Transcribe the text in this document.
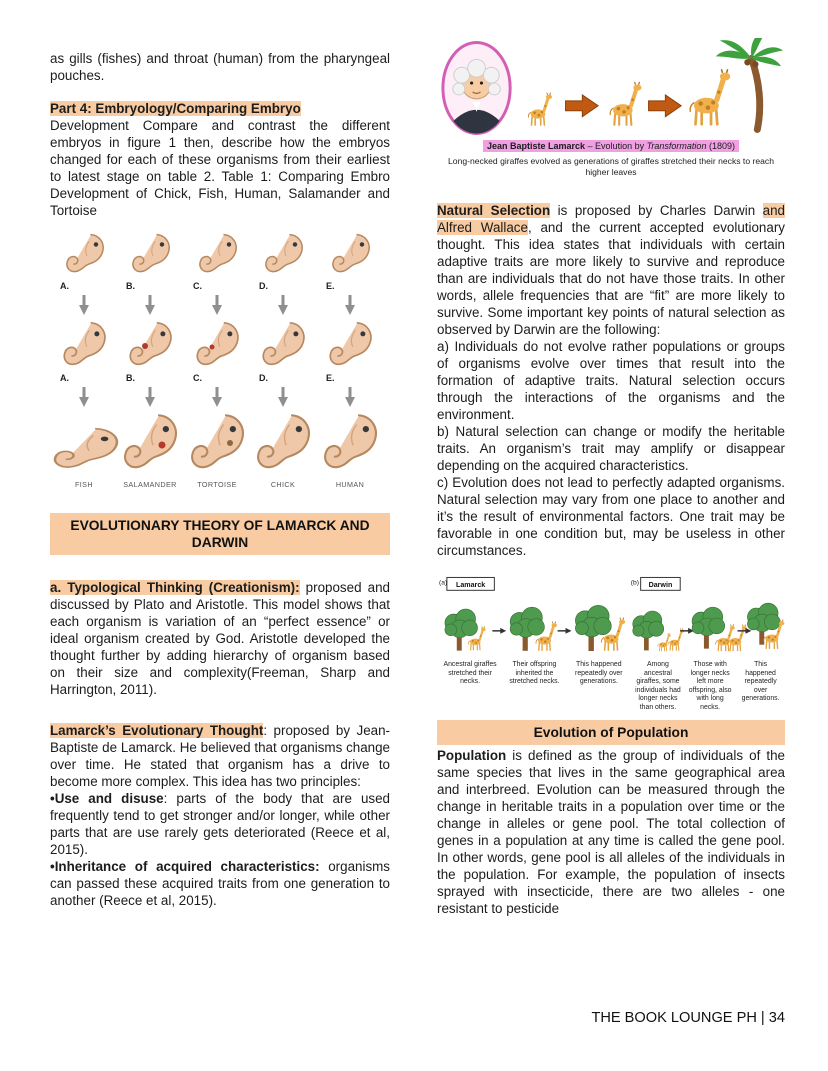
as gills (fishes) and throat (human) from the pharyngeal pouches.

Part 4: Embryology/Comparing Embryo

Development Compare and contrast the different embryos in figure 1 then, describe how the embryos changed for each of these organisms from their earliest to latest stage on table 2. Table 1: Comparing Embro Development of Chick, Fish, Human, Salamander and Tortoise

A.	B.	C.	D.	E.
A.	B.	C.	D.	E.
FISH	SALAMANDER	TORTOISE	CHICK	HUMAN
EVOLUTIONARY THEORY OF LAMARCK AND DARWIN

a. Typological Thinking (Creationism): proposed and discussed by Plato and Aristotle. This model shows that each organism is variation of an “perfect essence” or ideal organism created by God. Aristotle developed the thought further by adding hierarchy of organism based on their size and complexity(Freeman, Sharp and Harrington, 2011).

Lamarck’s Evolutionary Thought: proposed by Jean-Baptiste de Lamarck. He believed that organisms change over time. He stated that organism has a drive to become more complex. This idea has two principles:

•Use and disuse: parts of the body that are used frequently tend to get stronger and/or longer, while other parts that are use rarely gets deteriorated (Reece et al, 2015).

•Inheritance of acquired characteristics: organisms can passed these acquired traits from one generation to another (Reece et al, 2015).

Jean Baptiste Lamarck – Evolution by Transformation (1809)
Long-necked giraffes evolved as generations of giraffes stretched their necks to reach higher leaves

Natural Selection is proposed by Charles Darwin and Alfred Wallace, and the current accepted evolutionary thought. This idea states that individuals with certain adaptive traits are more likely to survive and reproduce than are individuals that do not have those traits. In other words, allele frequencies that are “fit” are more likely to survive. Some important key points of natural selection as observed by Darwin are the following:

a) Individuals do not evolve rather populations or groups of organisms evolve over times that result into the formation of adaptive traits. Natural selection occurs through the interactions of the organisms and the environment.

b) Natural selection can change or modify the heritable traits. An organism’s trait may amplify or disappear depending on the acquired characteristics.

c) Evolution does not lead to perfectly adapted organisms. Natural selection may vary from one place to another and it’s the result of environmental factors. One trait may be favorable in one condition but, may be useless in other circumstances.

(a) Lamarck	(b) Darwin
Ancestral giraffes stretched their necks.
Their offspring inherited the stretched necks.
This happened repeatedly over generations.
Among ancestral giraffes, some individuals had longer necks than others.
Those with longer necks left more offspring, also with long necks.
This happened repeatedly over generations.
Evolution of Population

Population is defined as the group of individuals of the same species that lives in the same geographical area and interbreed. Evolution can be measured through the change in heritable traits in a population over time or the change in alleles or gene pool. The total collection of genes in a population at any time is called the gene pool. In other words, gene pool is all alleles of the individuals in the population. For example, the population of insects sprayed with insecticide, there are two alleles - one resistant to pesticide

THE BOOK LOUNGE PH | 34
